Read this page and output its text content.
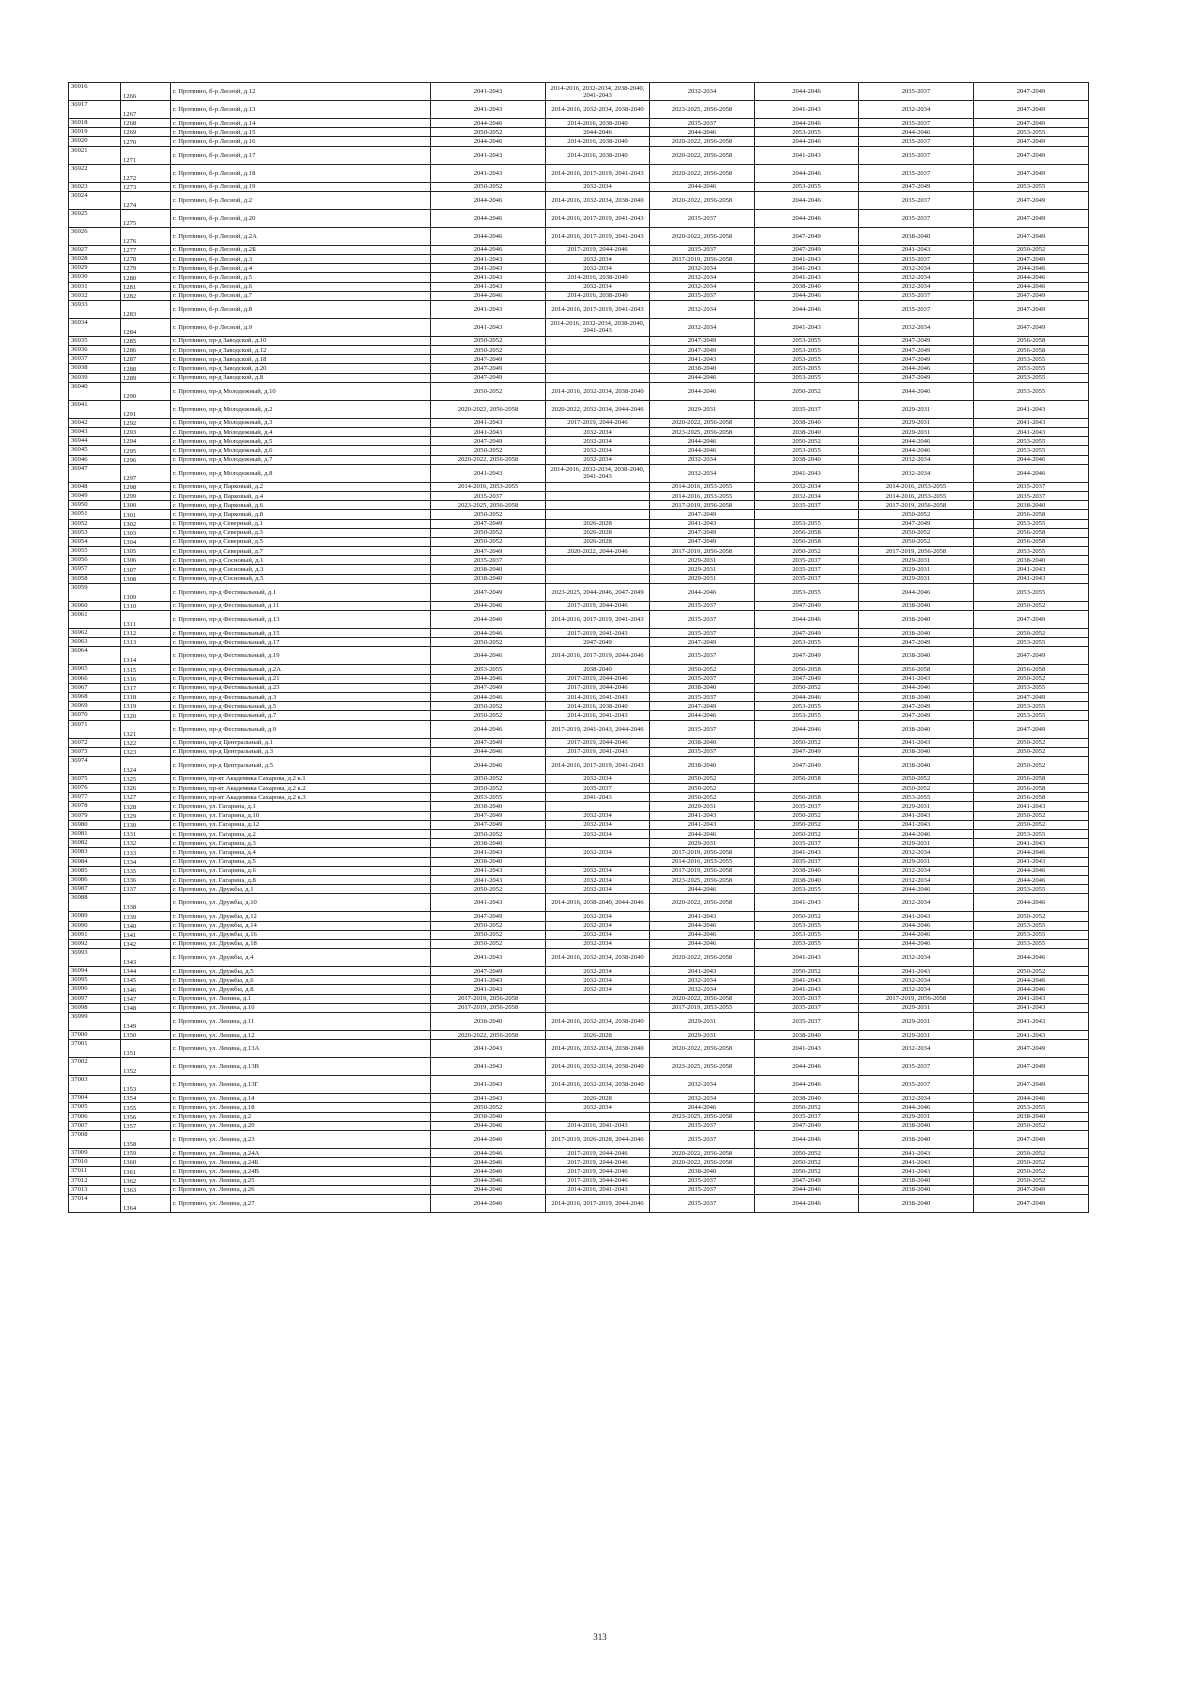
36916	1266	г. Протвино, б-р Лесной, д.12	2041-2043	2014-2016, 2032-2034, 2038-2040, 2041-2043	2032-2034	2044-2046	2035-2037	2047-2049
36917	1267	г. Протвино, б-р Лесной, д.13	2041-2043	2014-2016, 2032-2034, 2038-2040	2023-2025, 2056-2058	2041-2043	2032-2034	2047-2049
36918	1268	г. Протвино, б-р Лесной, д.14	2044-2046	2014-2016, 2038-2040	2035-2037	2044-2046	2035-2037	2047-2049
36919	1269	г. Протвино, б-р Лесной, д.15	2050-2052	2044-2046	2044-2046	2053-2055	2044-2046	2053-2055
36920	1270	г. Протвино, б-р Лесной, д.16	2044-2046	2014-2016, 2038-2040	2020-2022, 2056-2058	2044-2046	2035-2037	2047-2049
36921	1271	г. Протвино, б-р Лесной, д.17	2041-2043	2014-2016, 2038-2040	2020-2022, 2056-2058	2041-2043	2035-2037	2047-2049
36922	1272	г. Протвино, б-р Лесной, д.18	2041-2043	2014-2016, 2017-2019, 2041-2043	2020-2022, 2056-2058	2044-2046	2035-2037	2047-2049
36923	1273	г. Протвино, б-р Лесной, д.19	2050-2052	2032-2034	2044-2046	2053-2055	2047-2049	2053-2055
36924	1274	г. Протвино, б-р Лесной, д.2	2044-2046	2014-2016, 2032-2034, 2038-2040	2020-2022, 2056-2058	2044-2046	2035-2037	2047-2049
36925	1275	г. Протвино, б-р Лесной, д.20	2044-2046	2014-2016, 2017-2019, 2041-2043	2035-2037	2044-2046	2035-2037	2047-2049
36926	1276	г. Протвино, б-р Лесной, д.2А	2044-2046	2014-2016, 2017-2019, 2041-2043	2020-2022, 2056-2058	2047-2049	2038-2040	2047-2049
36927	1277	г. Протвино, б-р Лесной, д.2Б	2044-2046	2017-2019, 2044-2046	2035-2037	2047-2049	2041-2043	2050-2052
36928	1278	г. Протвино, б-р Лесной, д.3	2041-2043	2032-2034	2017-2019, 2056-2058	2041-2043	2035-2037	2047-2049
36929	1279	г. Протвино, б-р Лесной, д.4	2041-2043	2032-2034	2032-2034	2041-2043	2032-2034	2044-2046
36930	1280	г. Протвино, б-р Лесной, д.5	2041-2043	2014-2016, 2038-2040	2032-2034	2041-2043	2032-2034	2044-2046
36931	1281	г. Протвино, б-р Лесной, д.6	2041-2043	2032-2034	2032-2034	2038-2040	2032-2034	2044-2046
36932	1282	г. Протвино, б-р Лесной, д.7	2044-2046	2014-2016, 2038-2040	2035-2037	2044-2046	2035-2037	2047-2049
36933	1283	г. Протвино, б-р Лесной, д.8	2041-2043	2014-2016, 2017-2019, 2041-2043	2032-2034	2044-2046	2035-2037	2047-2049
36934	1284	г. Протвино, б-р Лесной, д.9	2041-2043	2014-2016, 2032-2034, 2038-2040, 2041-2043	2032-2034	2041-2043	2032-2034	2047-2049
36935	1285	г. Протвино, пр-д Заводской, д.10	2050-2052		2047-2049	2053-2055	2047-2049	2056-2058
36936	1286	г. Протвино, пр-д Заводской, д.12	2050-2052		2047-2049	2053-2055	2047-2049	2056-2058
36937	1287	г. Протвино, пр-д Заводской, д.18	2047-2049		2041-2043	2053-2055	2047-2049	2053-2055
36938	1288	г. Протвино, пр-д Заводской, д.20	2047-2049		2038-2040	2053-2055	2044-2046	2053-2055
36939	1289	г. Протвино, пр-д Заводской, д.8	2047-2049		2044-2046	2053-2055	2047-2049	2053-2055
36940	1290	г. Протвино, пр-д Молодежный, д.10	2050-2052	2014-2016, 2032-2034, 2038-2040	2044-2046	2050-2052	2044-2046	2053-2055
36941	1291	г. Протвино, пр-д Молодежный, д.2	2020-2022, 2056-2058	2020-2022, 2032-2034, 2044-2046	2029-2031	2035-2037	2029-2031	2041-2043
36942	1292	г. Протвино, пр-д Молодежный, д.3	2041-2043	2017-2019, 2044-2046	2020-2022, 2056-2058	2038-2040	2029-2031	2041-2043
36943	1293	г. Протвино, пр-д Молодежный, д.4	2041-2043	2032-2034	2023-2025, 2056-2058	2038-2040	2029-2031	2041-2043
36944	1294	г. Протвино, пр-д Молодежный, д.5	2047-2049	2032-2034	2044-2046	2050-2052	2044-2046	2053-2055
36945	1295	г. Протвино, пр-д Молодежный, д.6	2050-2052	2032-2034	2044-2046	2053-2055	2044-2046	2053-2055
36946	1296	г. Протвино, пр-д Молодежный, д.7	2020-2022, 2056-2058	2032-2034	2032-2034	2038-2040	2032-2034	2044-2046
36947	1297	г. Протвино, пр-д Молодежный, д.8	2041-2043	2014-2016, 2032-2034, 2038-2040, 2041-2043	2032-2034	2041-2043	2032-2034	2044-2046
36948	1298	г. Протвино, пр-д Парковый, д.2	2014-2016, 2053-2055		2014-2016, 2053-2055	2032-2034	2014-2016, 2053-2055	2035-2037
36949	1299	г. Протвино, пр-д Парковый, д.4	2035-2037		2014-2016, 2053-2055	2032-2034	2014-2016, 2053-2055	2035-2037
36950	1300	г. Протвино, пр-д Парковый, д.6	2023-2025, 2056-2058		2017-2019, 2056-2058	2035-2037	2017-2019, 2056-2058	2038-2040
36951	1301	г. Протвино, пр-д Парковый, д.8	2050-2052		2047-2049		2050-2052	2056-2058
36952	1302	г. Протвино, пр-д Северный, д.1	2047-2049	2026-2028	2041-2043	2053-2055	2047-2049	2053-2055
36953	1303	г. Протвино, пр-д Северный, д.3	2050-2052	2026-2028	2047-2049	2056-2058	2050-2052	2056-2058
36954	1304	г. Протвино, пр-д Северный, д.5	2050-2052	2026-2028	2047-2049	2056-2058	2050-2052	2056-2058
36955	1305	г. Протвино, пр-д Северный, д.7	2047-2049	2020-2022, 2044-2046	2017-2019, 2056-2058	2050-2052	2017-2019, 2056-2058	2053-2055
36956	1306	г. Протвино, пр-д Сосновый, д.1	2035-2037		2029-2031	2035-2037	2029-2031	2038-2040
36957	1307	г. Протвино, пр-д Сосновый, д.3	2038-2040		2029-2031	2035-2037	2029-2031	2041-2043
36958	1308	г. Протвино, пр-д Сосновый, д.5	2038-2040		2029-2031	2035-2037	2029-2031	2041-2043
36959	1309	г. Протвино, пр-д Фестивальный, д.1	2047-2049	2023-2025, 2044-2046, 2047-2049	2044-2046	2053-2055	2044-2046	2053-2055
36960	1310	г. Протвино, пр-д Фестивальный, д.11	2044-2046	2017-2019, 2044-2046	2035-2037	2047-2049	2038-2040	2050-2052
36961	1311	г. Протвино, пр-д Фестивальный, д.13	2044-2046	2014-2016, 2017-2019, 2041-2043	2035-2037	2044-2046	2038-2040	2047-2049
36962	1312	г. Протвино, пр-д Фестивальный, д.15	2044-2046	2017-2019, 2041-2043	2035-2037	2047-2049	2038-2040	2050-2052
36963	1313	г. Протвино, пр-д Фестивальный, д.17	2050-2052	2047-2049	2047-2049	2053-2055	2047-2049	2053-2055
36964	1314	г. Протвино, пр-д Фестивальный, д.19	2044-2046	2014-2016, 2017-2019, 2044-2046	2035-2037	2047-2049	2038-2040	2047-2049
36965	1315	г. Протвино, пр-д Фестивальный, д.2А	2053-2055	2038-2040	2050-2052	2056-2058	2056-2058	2056-2058
36966	1316	г. Протвино, пр-д Фестивальный, д.21	2044-2046	2017-2019, 2044-2046	2035-2037	2047-2049	2041-2043	2050-2052
36967	1317	г. Протвино, пр-д Фестивальный, д.23	2047-2049	2017-2019, 2044-2046	2038-2040	2050-2052	2044-2046	2053-2055
36968	1318	г. Протвино, пр-д Фестивальный, д.3	2044-2046	2014-2016, 2041-2043	2035-2037	2044-2046	2038-2040	2047-2049
36969	1319	г. Протвино, пр-д Фестивальный, д.5	2050-2052	2014-2016, 2038-2040	2047-2049	2053-2055	2047-2049	2053-2055
36970	1320	г. Протвино, пр-д Фестивальный, д.7	2050-2052	2014-2016, 2041-2043	2044-2046	2053-2055	2047-2049	2053-2055
36971	1321	г. Протвино, пр-д Фестивальный, д.9	2044-2046	2017-2019, 2041-2043, 2044-2046	2035-2037	2044-2046	2038-2040	2047-2049
36972	1322	г. Протвино, пр-д Центральный, д.1	2047-2049	2017-2019, 2044-2046	2038-2040	2050-2052	2041-2043	2050-2052
36973	1323	г. Протвино, пр-д Центральный, д.3	2044-2046	2017-2019, 2041-2043	2035-2037	2047-2049	2038-2040	2050-2052
36974	1324	г. Протвино, пр-д Центральный, д.5	2044-2046	2014-2016, 2017-2019, 2041-2043	2038-2040	2047-2049	2038-2040	2050-2052
36975	1325	г. Протвино, пр-кт Академика Сахарова, д.2 к.1	2050-2052	2032-2034	2050-2052	2056-2058	2050-2052	2056-2058
36976	1326	г. Протвино, пр-кт Академика Сахарова, д.2 к.2	2050-2052	2035-2037	2050-2052		2050-2052	2056-2058
36977	1327	г. Протвино, пр-кт Академика Сахарова, д.2 к.3	2053-2055	2041-2043	2050-2052	2056-2058	2053-2055	2056-2058
36978	1328	г. Протвино, ул. Гагарина, д.1	2038-2040		2029-2031	2035-2037	2029-2031	2041-2043
36979	1329	г. Протвино, ул. Гагарина, д.10	2047-2049	2032-2034	2041-2043	2050-2052	2041-2043	2050-2052
36980	1330	г. Протвино, ул. Гагарина, д.12	2047-2049	2032-2034	2041-2043	2050-2052	2041-2043	2050-2052
36981	1331	г. Протвино, ул. Гагарина, д.2	2050-2052	2032-2034	2044-2046	2050-2052	2044-2046	2053-2055
36982	1332	г. Протвино, ул. Гагарина, д.3	2038-2040		2029-2031	2035-2037	2029-2031	2041-2043
36983	1333	г. Протвино, ул. Гагарина, д.4	2041-2043	2032-2034	2017-2019, 2056-2058	2041-2043	2032-2034	2044-2046
36984	1334	г. Протвино, ул. Гагарина, д.5	2038-2040		2014-2016, 2053-2055	2035-2037	2029-2031	2041-2043
36985	1335	г. Протвино, ул. Гагарина, д.6	2041-2043	2032-2034	2017-2019, 2056-2058	2038-2040	2032-2034	2044-2046
36986	1336	г. Протвино, ул. Гагарина, д.8	2041-2043	2032-2034	2023-2025, 2056-2058	2038-2040	2032-2034	2044-2046
36987	1337	г. Протвино, ул. Дружбы, д.1	2050-2052	2032-2034	2044-2046	2053-2055	2044-2046	2053-2055
36988	1338	г. Протвино, ул. Дружбы, д.10	2041-2043	2014-2016, 2038-2040, 2044-2046	2020-2022, 2056-2058	2041-2043	2032-2034	2044-2046
36989	1339	г. Протвино, ул. Дружбы, д.12	2047-2049	2032-2034	2041-2043	2050-2052	2041-2043	2050-2052
36990	1340	г. Протвино, ул. Дружбы, д.14	2050-2052	2032-2034	2044-2046	2053-2055	2044-2046	2053-2055
36991	1341	г. Протвино, ул. Дружбы, д.16	2050-2052	2032-2034	2044-2046	2053-2055	2044-2046	2053-2055
36992	1342	г. Протвино, ул. Дружбы, д.18	2050-2052	2032-2034	2044-2046	2053-2055	2044-2046	2053-2055
36993	1343	г. Протвино, ул. Дружбы, д.4	2041-2043	2014-2016, 2032-2034, 2038-2040	2020-2022, 2056-2058	2041-2043	2032-2034	2044-2046
36994	1344	г. Протвино, ул. Дружбы, д.5	2047-2049	2032-2034	2041-2043	2050-2052	2041-2043	2050-2052
36995	1345	г. Протвино, ул. Дружбы, д.6	2041-2043	2032-2034	2032-2034	2041-2043	2032-2034	2044-2046
36996	1346	г. Протвино, ул. Дружбы, д.8	2041-2043	2032-2034	2032-2034	2041-2043	2032-2034	2044-2046
36997	1347	г. Протвино, ул. Ленина, д.1	2017-2019, 2056-2058		2020-2022, 2056-2058	2035-2037	2017-2019, 2056-2058	2041-2043
36998	1348	г. Протвино, ул. Ленина, д.10	2017-2019, 2056-2058		2017-2019, 2053-2055	2035-2037	2029-2031	2041-2043
36999	1349	г. Протвино, ул. Ленина, д.11	2038-2040	2014-2016, 2032-2034, 2038-2040	2029-2031	2035-2037	2029-2031	2041-2043
37000	1350	г. Протвино, ул. Ленина, д.12	2020-2022, 2056-2058	2026-2028	2029-2031	2038-2040	2029-2031	2041-2043
37001	1351	г. Протвино, ул. Ленина, д.13А	2041-2043	2014-2016, 2032-2034, 2038-2040	2020-2022, 2056-2058	2041-2043	2032-2034	2047-2049
37002	1352	г. Протвино, ул. Ленина, д.13В	2041-2043	2014-2016, 2032-2034, 2038-2040	2023-2025, 2056-2058	2044-2046	2035-2037	2047-2049
37003	1353	г. Протвино, ул. Ленина, д.13Г	2041-2043	2014-2016, 2032-2034, 2038-2040	2032-2034	2044-2046	2035-2037	2047-2049
37004	1354	г. Протвино, ул. Ленина, д.14	2041-2043	2026-2028	2032-2034	2038-2040	2032-2034	2044-2046
37005	1355	г. Протвино, ул. Ленина, д.18	2050-2052	2032-2034	2044-2046	2050-2052	2044-2046	2053-2055
37006	1356	г. Протвино, ул. Ленина, д.2	2038-2040		2023-2025, 2056-2058	2035-2037	2029-2031	2038-2040
37007	1357	г. Протвино, ул. Ленина, д.20	2044-2046	2014-2016, 2041-2043	2035-2037	2047-2049	2038-2040	2050-2052
37008	1358	г. Протвино, ул. Ленина, д.23	2044-2046	2017-2019, 2026-2028, 2044-2046	2035-2037	2044-2046	2038-2040	2047-2049
37009	1359	г. Протвино, ул. Ленина, д.24А	2044-2046	2017-2019, 2044-2046	2020-2022, 2056-2058	2050-2052	2041-2043	2050-2052
37010	1360	г. Протвино, ул. Ленина, д.24Б	2044-2046	2017-2019, 2044-2046	2020-2022, 2056-2058	2050-2052	2041-2043	2050-2052
37011	1361	г. Протвино, ул. Ленина, д.24В	2044-2046	2017-2019, 2044-2046	2038-2040	2050-2052	2041-2043	2050-2052
37012	1362	г. Протвино, ул. Ленина, д.25	2044-2046	2017-2019, 2044-2046	2035-2037	2047-2049	2038-2040	2050-2052
37013	1363	г. Протвино, ул. Ленина, д.26	2044-2046	2014-2016, 2041-2043	2035-2037	2044-2046	2038-2040	2047-2049
37014	1364	г. Протвино, ул. Ленина, д.27	2044-2046	2014-2016, 2017-2019, 2044-2046	2035-2037	2044-2046	2038-2040	2047-2049
313
